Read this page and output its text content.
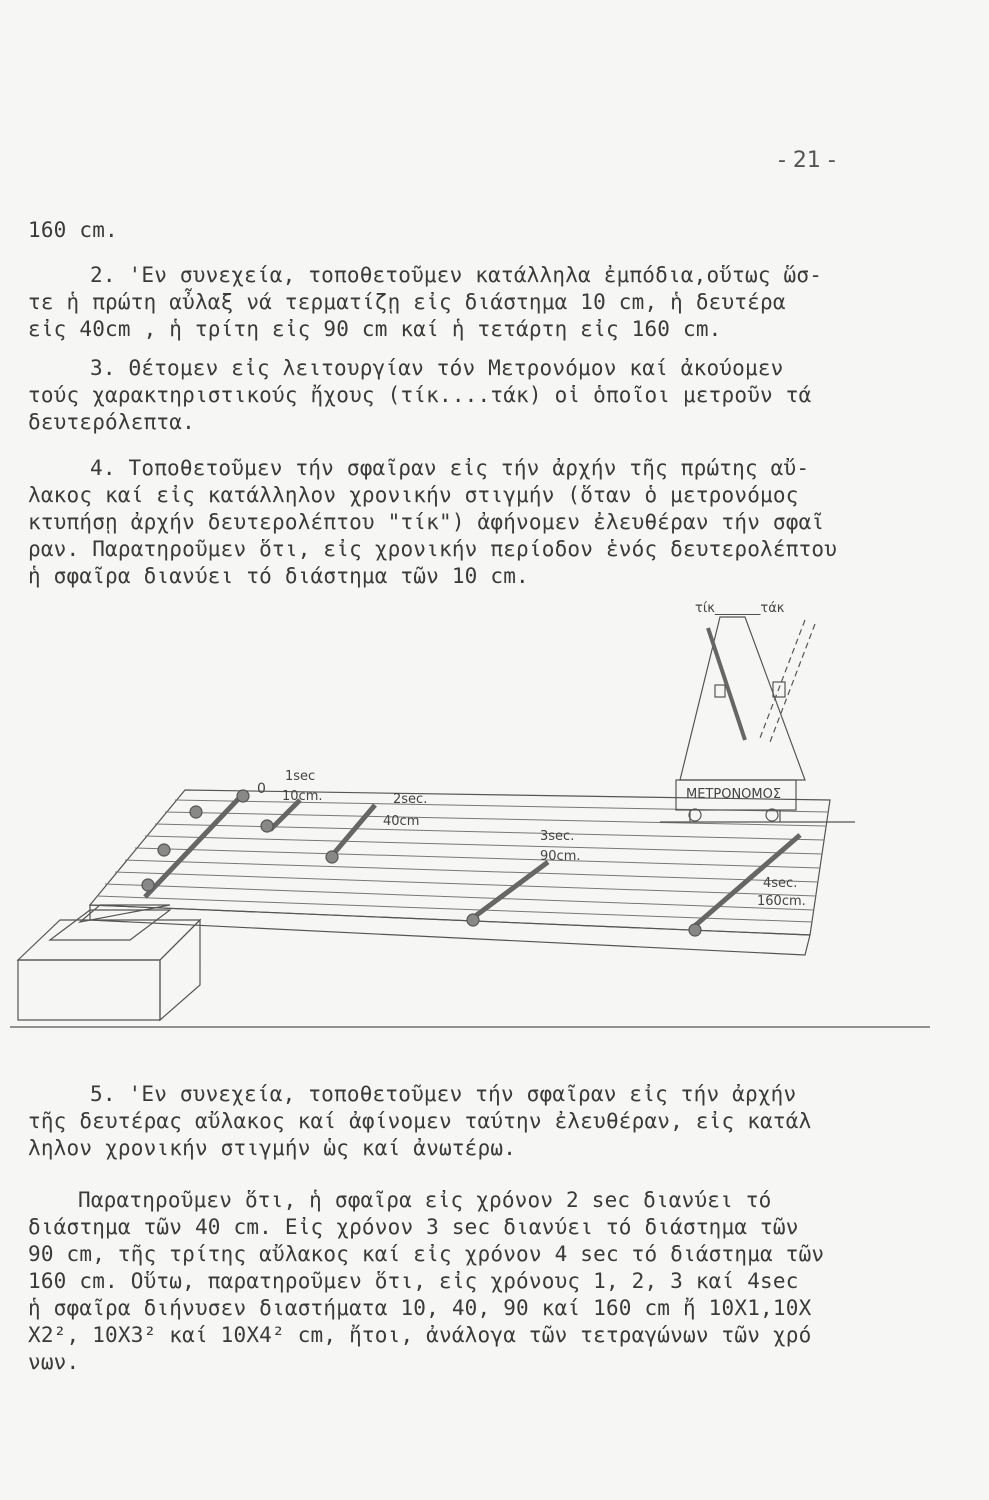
- 21 -
160 cm.
2. 'Εν συνεχεία, τοποθετοῦμεν κατάλληλα ἐμπόδια,οὕτως ὥσ-
τε ἡ πρώτη αὖλαξ νά τερματίζῃ εἰς διάστημα 10 cm, ἡ δευτέρα
εἰς 40cm , ἡ τρίτη εἰς 90 cm καί ἡ τετάρτη εἰς 160 cm.
3. Θέτομεν εἰς λειτουργίαν τόν Μετρονόμον καί ἀκούομεν
τούς χαρακτηριστικούς ἤχους (τίκ....τάκ) οἱ ὁποῖοι μετροῦν τά
δευτερόλεπτα.
4. Τοποθετοῦμεν τήν σφαῖραν εἰς τήν ἀρχήν τῆς πρώτης αὔ-
λακος καί εἰς κατάλληλον χρονικήν στιγμήν (ὅταν ὁ μετρονόμος
κτυπήσῃ ἀρχήν δευτερολέπτου "τίκ") ἀφήνομεν ἐλευθέραν τήν σφαῖ
ραν. Παρατηροῦμεν ὅτι, εἰς χρονικήν περίοδον ἑνός δευτερολέπτου
ἡ σφαῖρα διανύει τό διάστημα τῶν 10 cm.
τίκ_______τάκ
ΜΕΤΡΟΝΟΜΟΣ
0
1sec
10cm.	2sec.
40cm
3sec.
90cm.
4sec.
160cm.
5. 'Εν συνεχεία, τοποθετοῦμεν τήν σφαῖραν εἰς τήν ἀρχήν
τῆς δευτέρας αὔλακος καί ἀφίνομεν ταύτην ἐλευθέραν, εἰς κατάλ
ληλον χρονικήν στιγμήν ὡς καί ἀνωτέρω.
Παρατηροῦμεν ὅτι, ἡ σφαῖρα εἰς χρόνον 2 sec διανύει τό
διάστημα τῶν 40 cm. Εἰς χρόνον 3 sec διανύει τό διάστημα τῶν
90 cm, τῆς τρίτης αὔλακος καί εἰς χρόνον 4 sec τό διάστημα τῶν
160 cm. Οὕτω, παρατηροῦμεν ὅτι, εἰς χρόνους 1, 2, 3 καί 4sec
ἡ σφαῖρα διήνυσεν διαστήματα 10, 40, 90 καί 160 cm ἤ 10Χ1,10Χ
Χ2², 10Χ3² καί 10Χ4² cm, ἤτοι, ἀνάλογα τῶν τετραγώνων τῶν χρό
νων.
